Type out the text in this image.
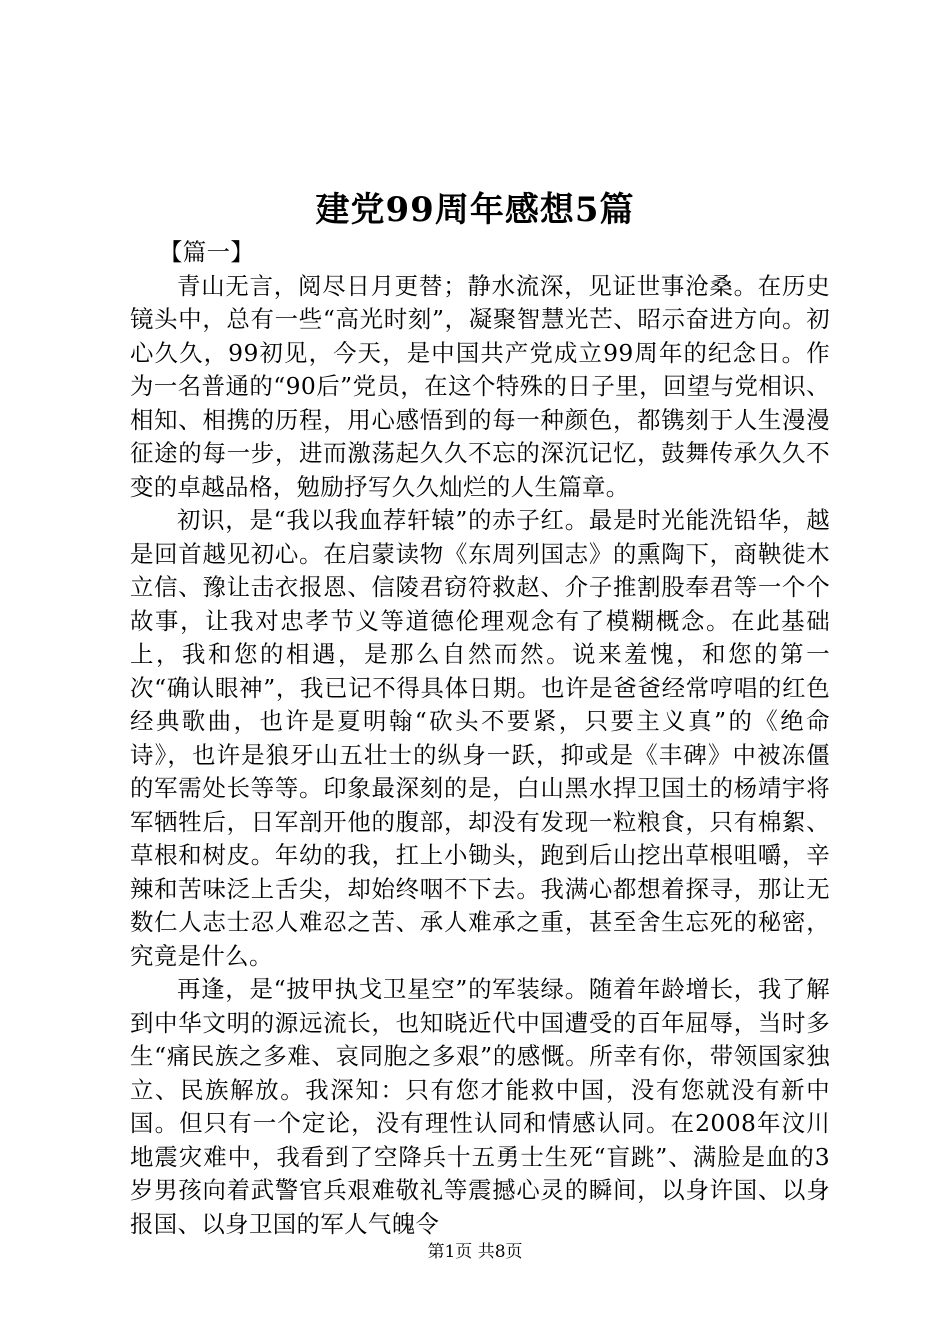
建党99周年感想5篇

【篇一】

青山无言，阅尽日月更替；静水流深，见证世事沧桑。在历史镜头中，总有一些“高光时刻”，凝聚智慧光芒、昭示奋进方向。初心久久，99初见，今天，是中国共产党成立99周年的纪念日。作为一名普通的“90后”党员，在这个特殊的日子里，回望与党相识、相知、相携的历程，用心感悟到的每一种颜色，都镌刻于人生漫漫征途的每一步，进而激荡起久久不忘的深沉记忆，鼓舞传承久久不变的卓越品格，勉励抒写久久灿烂的人生篇章。

初识，是“我以我血荐轩辕”的赤子红。最是时光能洗铅华，越是回首越见初心。在启蒙读物《东周列国志》的熏陶下，商鞅徙木立信、豫让击衣报恩、信陵君窃符救赵、介子推割股奉君等一个个故事，让我对忠孝节义等道德伦理观念有了模糊概念。在此基础上，我和您的相遇，是那么自然而然。说来羞愧，和您的第一次“确认眼神”，我已记不得具体日期。也许是爸爸经常哼唱的红色经典歌曲，也许是夏明翰“砍头不要紧，只要主义真”的《绝命诗》，也许是狼牙山五壮士的纵身一跃，抑或是《丰碑》中被冻僵的军需处长等等。印象最深刻的是，白山黑水捍卫国土的杨靖宇将军牺牲后，日军剖开他的腹部，却没有发现一粒粮食，只有棉絮、草根和树皮。年幼的我，扛上小锄头，跑到后山挖出草根咀嚼，辛辣和苦味泛上舌尖，却始终咽不下去。我满心都想着探寻，那让无数仁人志士忍人难忍之苦、承人难承之重，甚至舍生忘死的秘密，究竟是什么。

再逢，是“披甲执戈卫星空”的军装绿。随着年龄增长，我了解到中华文明的源远流长，也知晓近代中国遭受的百年屈辱，当时多生“痛民族之多难、哀同胞之多艰”的感慨。所幸有你，带领国家独立、民族解放。我深知：只有您才能救中国，没有您就没有新中国。但只有一个定论，没有理性认同和情感认同。在2008年汶川地震灾难中，我看到了空降兵十五勇士生死“盲跳”、满脸是血的3岁男孩向着武警官兵艰难敬礼等震撼心灵的瞬间，以身许国、以身报国、以身卫国的军人气魄令

第1页 共8页
